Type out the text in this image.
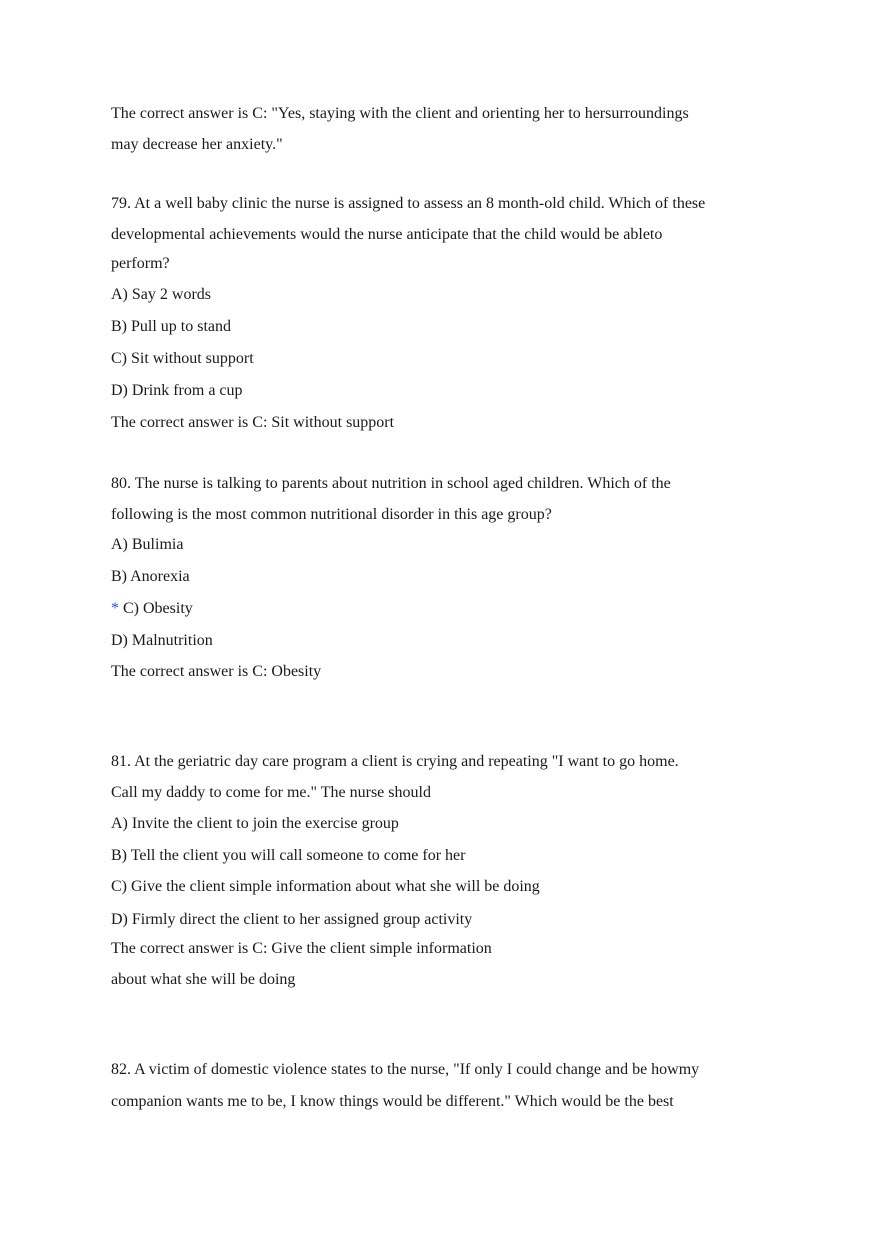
The correct answer is C: "Yes, staying with the client and orienting her to hersurroundings
may decrease her anxiety."
79. At a well baby clinic the nurse is assigned to assess an 8 month-old child. Which of these
developmental achievements would the nurse anticipate that the child would be ableto
perform?
A) Say 2 words
B) Pull up to stand
C) Sit without support
D) Drink from a cup
The correct answer is C: Sit without support
80. The nurse is talking to parents about nutrition in school aged children. Which of the
following is the most common nutritional disorder in this age group?
A) Bulimia
B) Anorexia
* C) Obesity
D) Malnutrition
The correct answer is C: Obesity
81. At the geriatric day care program a client is crying and repeating "I want to go home.
Call my daddy to come for me." The nurse should
A) Invite the client to join the exercise group
B) Tell the client you will call someone to come for her
C) Give the client simple information about what she will be doing
D) Firmly direct the client to her assigned group activity
The correct answer is C: Give the client simple information
about what she will be doing
82. A victim of domestic violence states to the nurse, "If only I could change and be howmy
companion wants me to be, I know things would be different." Which would be the best
